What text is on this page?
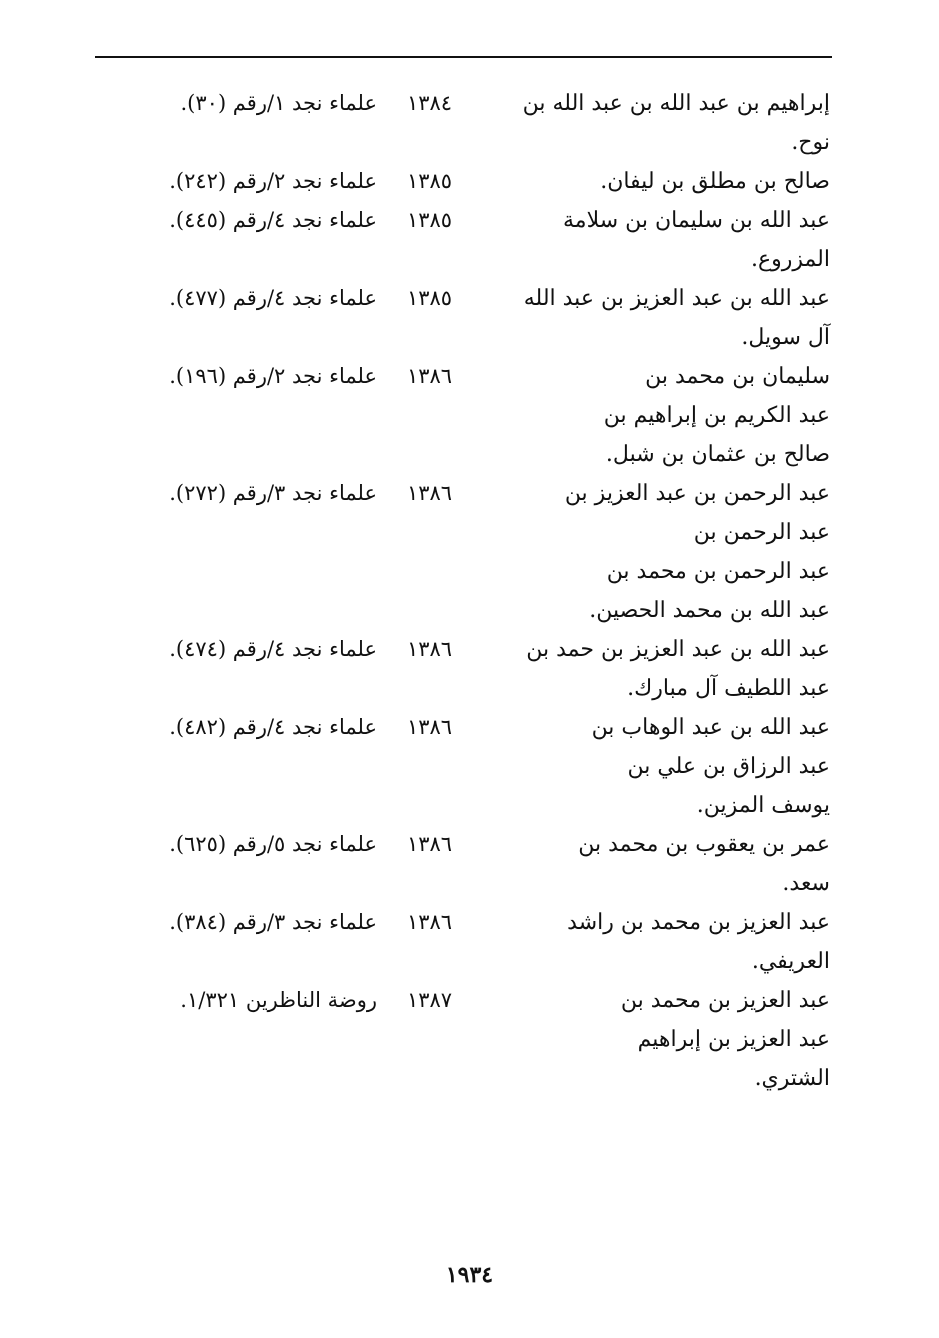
إبراهيم بن عبد الله بن عبد الله بن
نوح.
١٣٨٤
علماء نجد ١/رقم (٣٠).
صالح بن مطلق بن ليفان.
١٣٨٥
علماء نجد ٢/رقم (٢٤٢).
عبد الله بن سليمان بن سلامة
المزروع.
١٣٨٥
علماء نجد ٤/رقم (٤٤٥).
عبد الله بن عبد العزيز بن عبد الله
آل سويل.
١٣٨٥
علماء نجد ٤/رقم (٤٧٧).
سليمان بن محمد بن
عبد الكريم بن إبراهيم بن
صالح بن عثمان بن شبل.
١٣٨٦
علماء نجد ٢/رقم (١٩٦).
عبد الرحمن بن عبد العزيز بن
عبد الرحمن بن
عبد الرحمن بن محمد بن
عبد الله بن محمد الحصين.
١٣٨٦
علماء نجد ٣/رقم (٢٧٢).
عبد الله بن عبد العزيز بن حمد بن
عبد اللطيف آل مبارك.
١٣٨٦
علماء نجد ٤/رقم (٤٧٤).
عبد الله بن عبد الوهاب بن
عبد الرزاق بن علي بن
يوسف المزين.
١٣٨٦
علماء نجد ٤/رقم (٤٨٢).
عمر بن يعقوب بن محمد بن
سعد.
١٣٨٦
علماء نجد ٥/رقم (٦٢٥).
عبد العزيز بن محمد بن راشد
العريفي.
١٣٨٦
علماء نجد ٣/رقم (٣٨٤).
عبد العزيز بن محمد بن
عبد العزيز بن إبراهيم
الشتري.
١٣٨٧
روضة الناظرين ١/٣٢١.
١٩٣٤
